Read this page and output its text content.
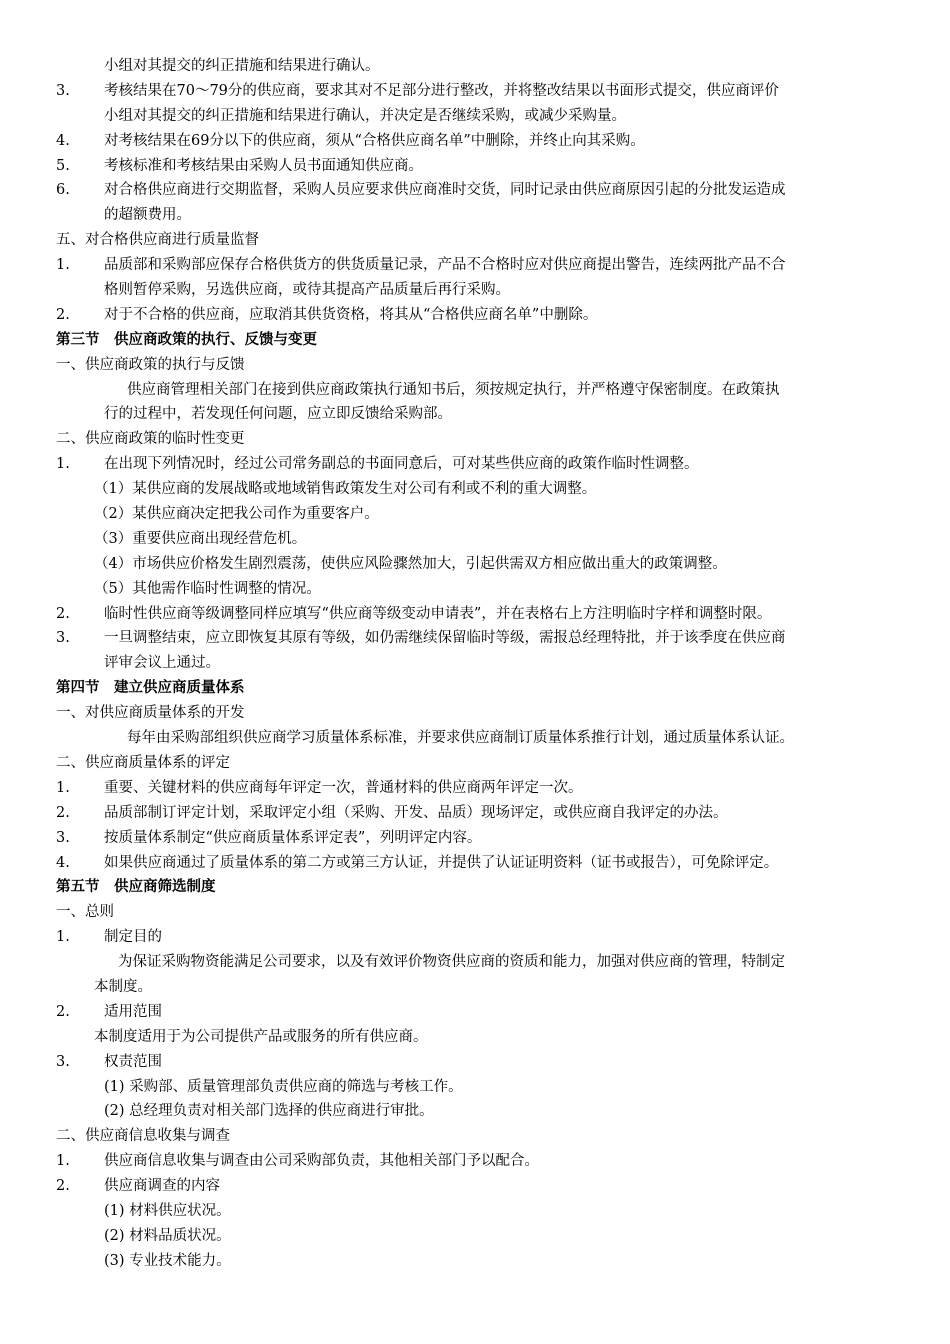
小组对其提交的纠正措施和结果进行确认。
3. 考核结果在70～79分的供应商，要求其对不足部分进行整改，并将整改结果以书面形式提交，供应商评价
小组对其提交的纠正措施和结果进行确认，并决定是否继续采购，或减少采购量。
4. 对考核结果在69分以下的供应商，须从“合格供应商名单”中删除，并终止向其采购。
5. 考核标准和考核结果由采购人员书面通知供应商。
6. 对合格供应商进行交期监督，采购人员应要求供应商准时交货，同时记录由供应商原因引起的分批发运造成
的超额费用。
五、对合格供应商进行质量监督
1. 品质部和采购部应保存合格供货方的供货质量记录，产品不合格时应对供应商提出警告，连续两批产品不合
格则暂停采购，另选供应商，或待其提高产品质量后再行采购。
2. 对于不合格的供应商，应取消其供货资格，将其从“合格供应商名单”中删除。
第三节　供应商政策的执行、反馈与变更
一、供应商政策的执行与反馈
供应商管理相关部门在接到供应商政策执行通知书后，须按规定执行，并严格遵守保密制度。在政策执
行的过程中，若发现任何问题，应立即反馈给采购部。
二、供应商政策的临时性变更
1. 在出现下列情况时，经过公司常务副总的书面同意后，可对某些供应商的政策作临时性调整。
（1）某供应商的发展战略或地域销售政策发生对公司有利或不利的重大调整。
（2）某供应商决定把我公司作为重要客户。
（3）重要供应商出现经营危机。
（4）市场供应价格发生剧烈震荡，使供应风险骤然加大，引起供需双方相应做出重大的政策调整。
（5）其他需作临时性调整的情况。
2. 临时性供应商等级调整同样应填写“供应商等级变动申请表”，并在表格右上方注明临时字样和调整时限。
3. 一旦调整结束，应立即恢复其原有等级，如仍需继续保留临时等级，需报总经理特批，并于该季度在供应商
评审会议上通过。
第四节　建立供应商质量体系
一、对供应商质量体系的开发
每年由采购部组织供应商学习质量体系标准，并要求供应商制订质量体系推行计划，通过质量体系认证。
二、供应商质量体系的评定
1. 重要、关键材料的供应商每年评定一次，普通材料的供应商两年评定一次。
2. 品质部制订评定计划，采取评定小组（采购、开发、品质）现场评定，或供应商自我评定的办法。
3. 按质量体系制定“供应商质量体系评定表”，列明评定内容。
4. 如果供应商通过了质量体系的第二方或第三方认证，并提供了认证证明资料（证书或报告），可免除评定。
第五节　供应商筛选制度
一、总则
1. 制定目的
为保证采购物资能满足公司要求，以及有效评价物资供应商的资质和能力，加强对供应商的管理，特制定
本制度。
2. 适用范围
本制度适用于为公司提供产品或服务的所有供应商。
3. 权责范围
(1) 采购部、质量管理部负责供应商的筛选与考核工作。
(2) 总经理负责对相关部门选择的供应商进行审批。
二、供应商信息收集与调查
1. 供应商信息收集与调查由公司采购部负责，其他相关部门予以配合。
2. 供应商调查的内容
(1) 材料供应状况。
(2) 材料品质状况。
(3) 专业技术能力。
